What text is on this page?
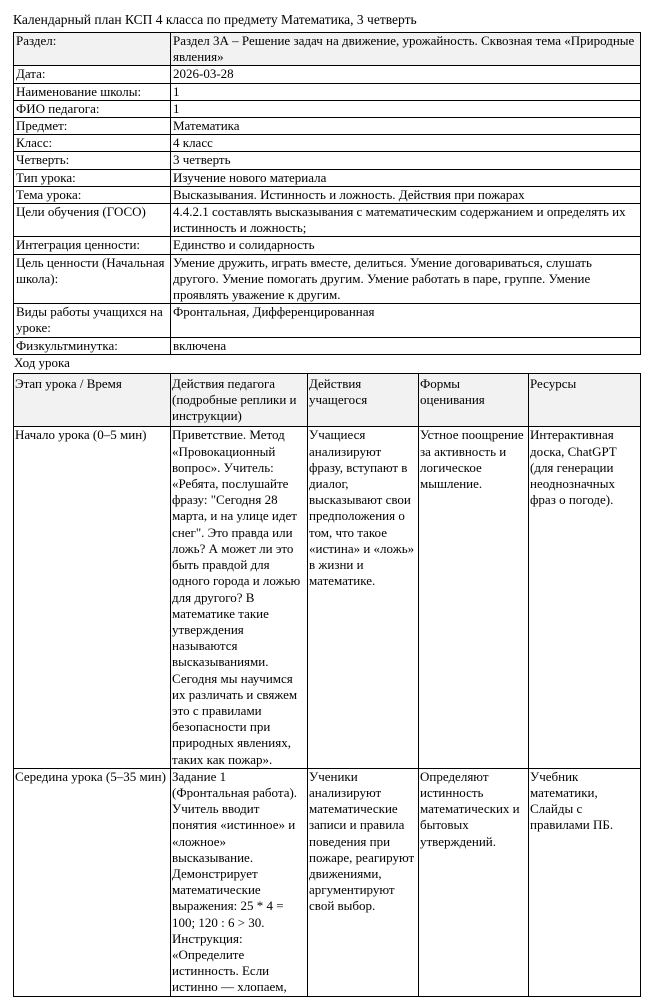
Календарный план КСП 4 класса по предмету Математика, 3 четверть
Раздел:	Раздел 3А – Решение задач на движение, урожайность. Сквозная тема «Природные явления»
Дата:	2026-03-28
Наименование школы:	1
ФИО педагога:	1
Предмет:	Математика
Класс:	4 класс
Четверть:	3 четверть
Тип урока:	Изучение нового материала
Тема урока:	Высказывания. Истинность и ложность. Действия при пожарах
Цели обучения (ГОСО)	4.4.2.1 составлять высказывания с математическим содержанием и определять их истинность и ложность;
Интеграция ценности:	Единство и солидарность
Цель ценности (Начальная школа):	Умение дружить, играть вместе, делиться. Умение договариваться, слушать другого. Умение помогать другим. Умение работать в паре, группе. Умение проявлять уважение к другим.
Виды работы учащихся на уроке:	Фронтальная, Дифференцированная
Физкультминутка:	включена
Ход урока
Этап урока / Время	Действия педагога (подробные реплики и инструкции)	Действия учащегося	Формы оценивания	Ресурсы
Начало урока (0–5 мин)	Приветствие. Метод «Провокационный вопрос». Учитель: «Ребята, послушайте фразу: "Сегодня 28 марта, и на улице идет снег". Это правда или ложь? А может ли это быть правдой для одного города и ложью для другого? В математике такие утверждения называются высказываниями. Сегодня мы научимся их различать и свяжем это с правилами безопасности при природных явлениях, таких как пожар».	Учащиеся анализируют фразу, вступают в диалог, высказывают свои предположения о том, что такое «истина» и «ложь» в жизни и математике.	Устное поощрение за активность и логическое мышление.	Интерактивная доска, ChatGPT (для генерации неоднозначных фраз о погоде).
Середина урока (5–35 мин)	Задание 1 (Фронтальная работа). Учитель вводит понятия «истинное» и «ложное» высказывание. Демонстрирует математические выражения: 25 * 4 = 100; 120 : 6 > 30. Инструкция: «Определите истинность. Если истинно — хлопаем,	Ученики анализируют математические записи и правила поведения при пожаре, реагируют движениями, аргументируют свой выбор.	Определяют истинность математических и бытовых утверждений.	Учебник математики, Слайды с правилами ПБ.
